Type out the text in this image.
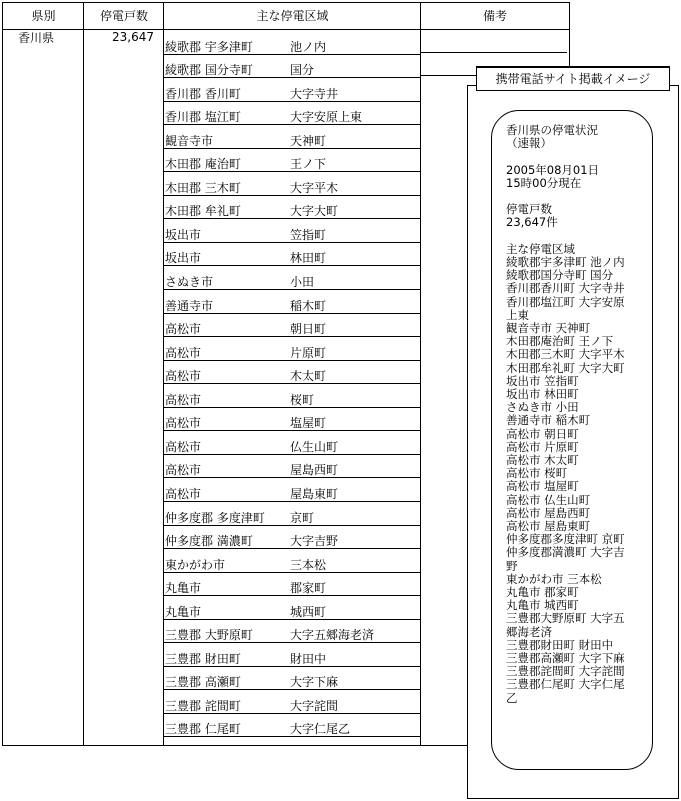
県別	停電戸数	主な停電区域	備考
香川県	23,647
綾歌郡 宇多津町	池ノ内
綾歌郡 国分寺町	国分
香川郡 香川町	大字寺井
香川郡 塩江町	大字安原上東
観音寺市	天神町
木田郡 庵治町	王ノ下
木田郡 三木町	大字平木
木田郡 牟礼町	大字大町
坂出市	笠指町
坂出市	林田町
さぬき市	小田
善通寺市	稲木町
高松市	朝日町
高松市	片原町
高松市	木太町
高松市	桜町
高松市	塩屋町
高松市	仏生山町
高松市	屋島西町
高松市	屋島東町
仲多度郡 多度津町 京町
仲多度郡 満濃町	大字吉野
東かがわ市	三本松
丸亀市	郡家町
丸亀市	城西町
三豊郡 大野原町	大字五郷海老済
三豊郡 財田町	財田中
三豊郡 高瀬町	大字下麻
三豊郡 詫間町	大字詫間
三豊郡 仁尾町	大字仁尾乙
携帯電話サイト掲載イメージ
香川県の停電状況
（速報）
2005年08月01日
15時00分現在
停電戸数
23,647件
主な停電区域
綾歌郡宇多津町 池ノ内
綾歌郡国分寺町 国分
香川郡香川町 大字寺井
香川郡塩江町 大字安原
上東
観音寺市 天神町
木田郡庵治町 王ノ下
木田郡三木町 大字平木
木田郡牟礼町 大字大町
坂出市 笠指町
坂出市 林田町
さぬき市 小田
善通寺市 稲木町
高松市 朝日町
高松市 片原町
高松市 木太町
高松市 桜町
高松市 塩屋町
高松市 仏生山町
高松市 屋島西町
高松市 屋島東町
仲多度郡多度津町 京町
仲多度郡満濃町 大字吉
野
東かがわ市 三本松
丸亀市 郡家町
丸亀市 城西町
三豊郡大野原町 大字五
郷海老済
三豊郡財田町 財田中
三豊郡高瀬町 大字下麻
三豊郡詫間町 大字詫間
三豊郡仁尾町 大字仁尾
乙
